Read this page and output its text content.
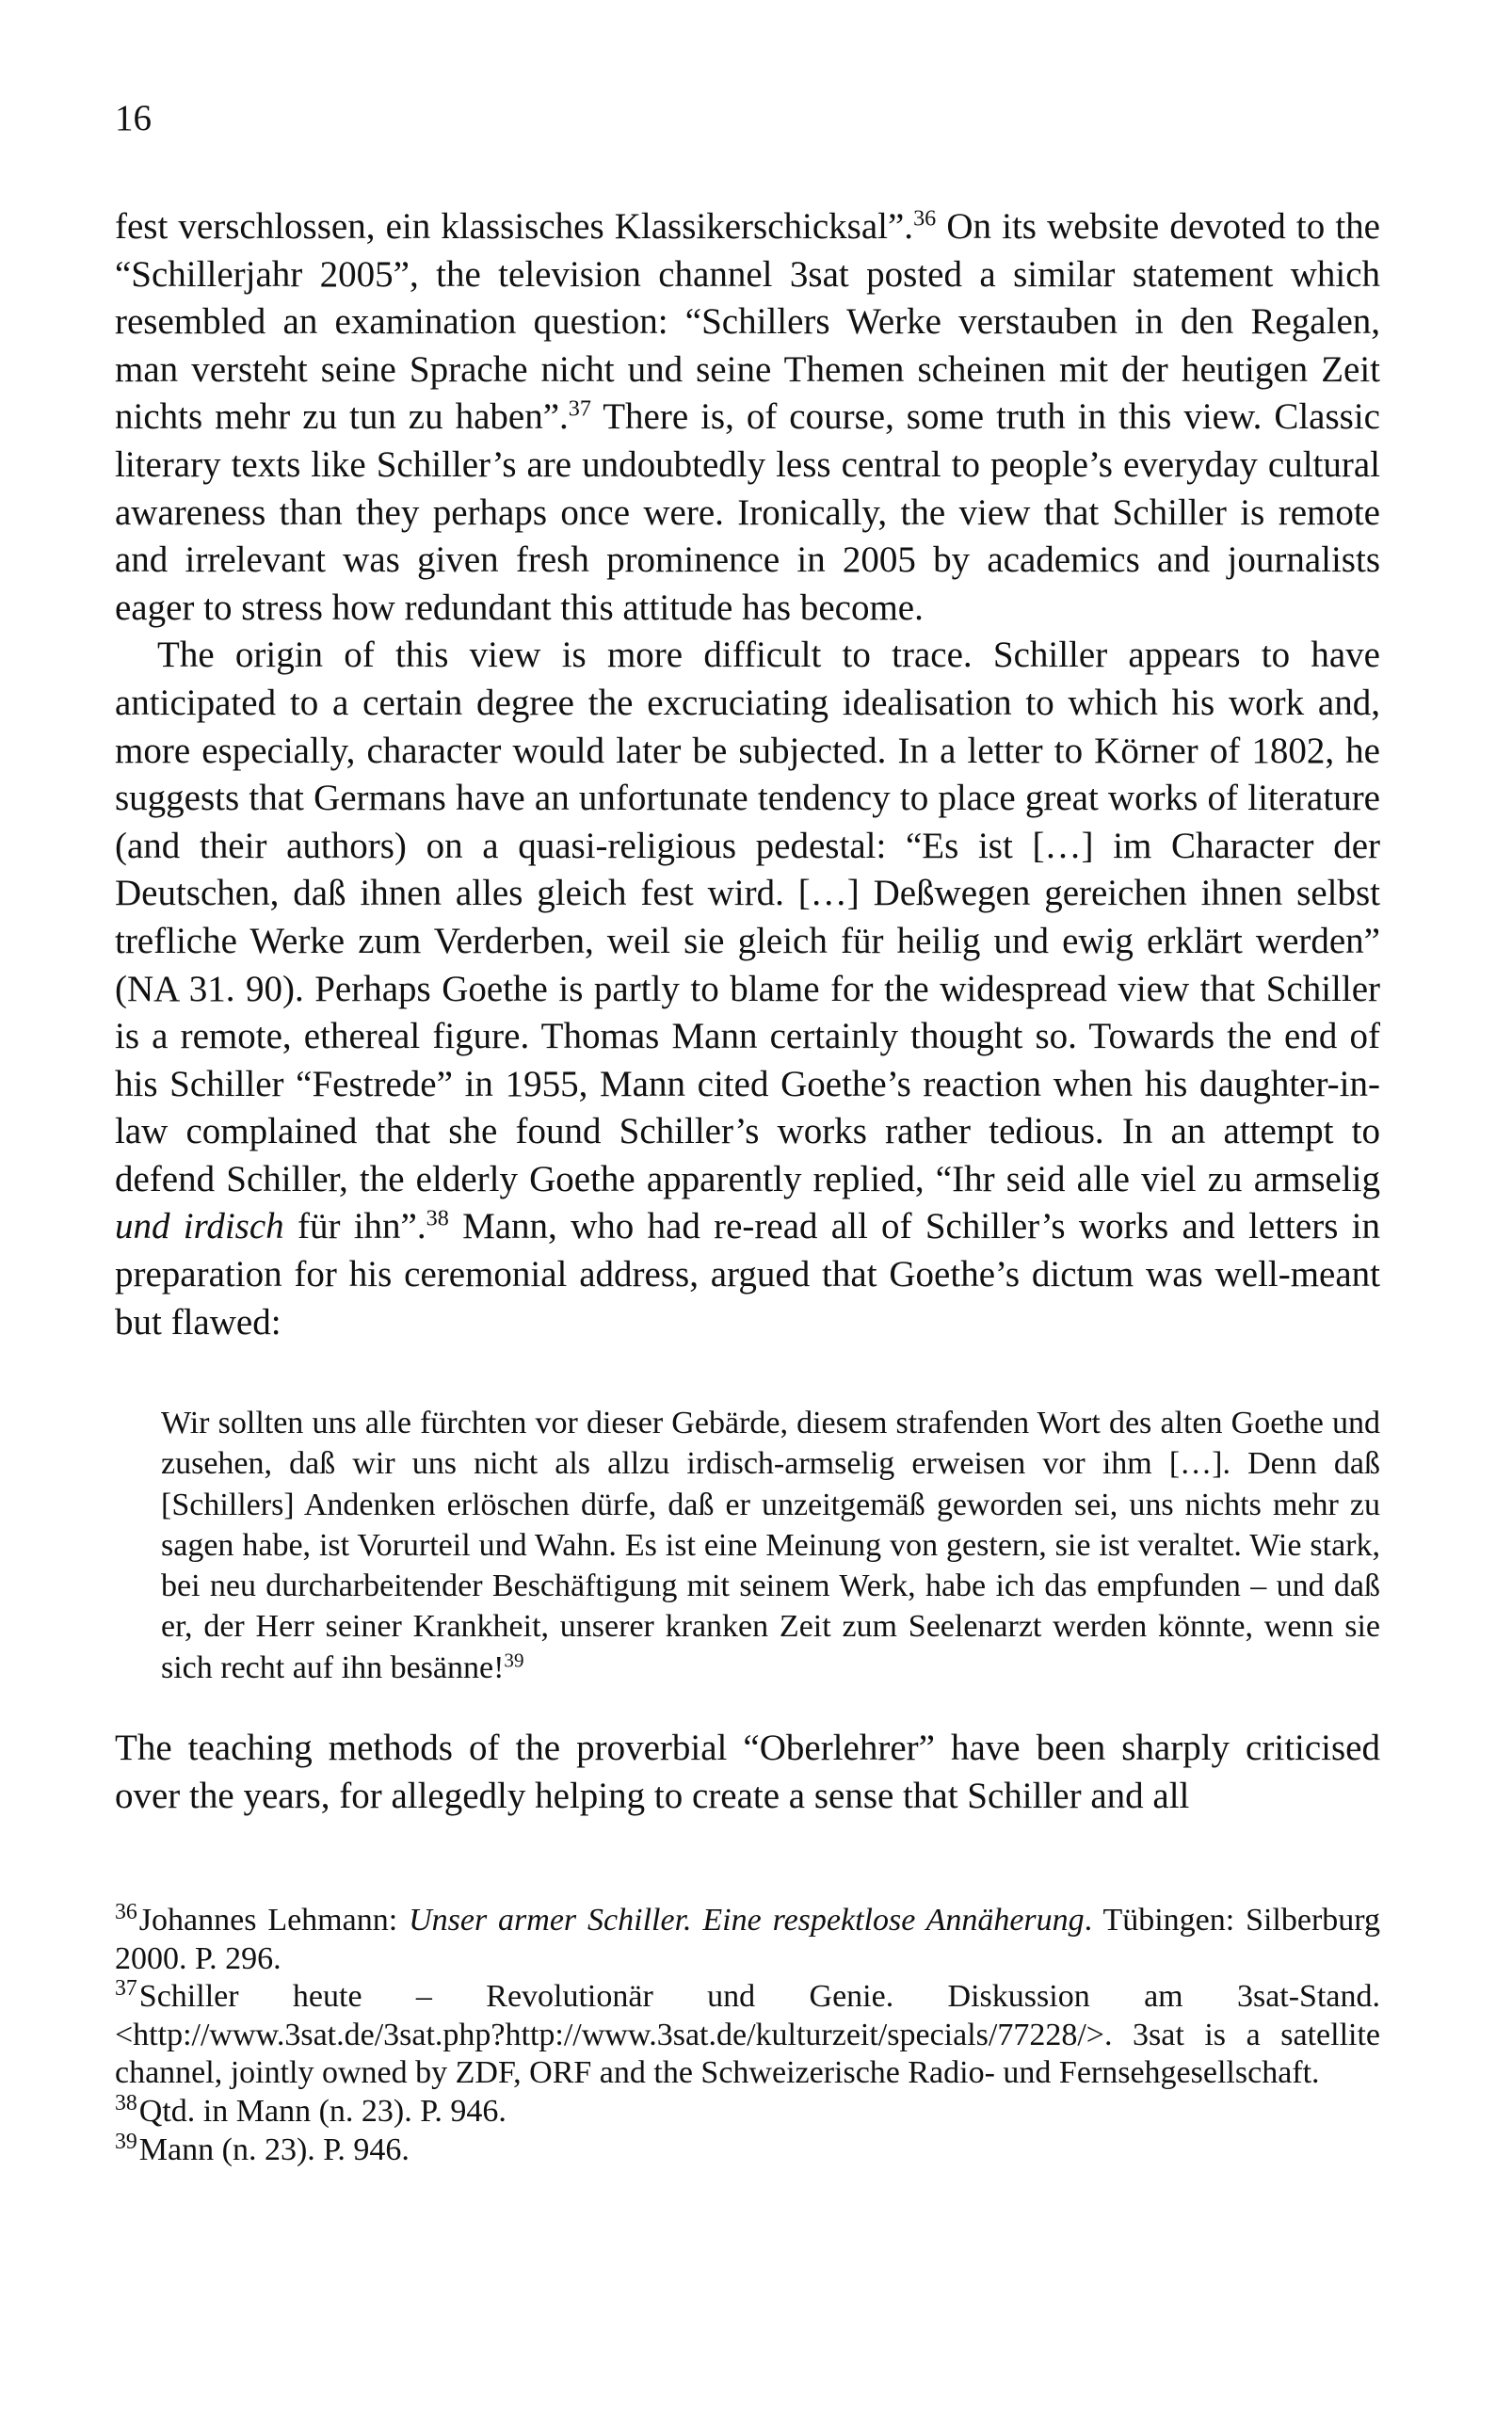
16

fest verschlossen, ein klassisches Klassikerschicksal”.$^{36}$ On its website devoted to the “Schillerjahr 2005”, the television channel 3sat posted a similar statement which resembled an examination question: “Schillers Werke verstauben in den Regalen, man versteht seine Sprache nicht und seine Themen scheinen mit der heutigen Zeit nichts mehr zu tun zu haben”.$^{37}$ There is, of course, some truth in this view. Classic literary texts like Schiller’s are undoubtedly less central to people’s everyday cultural awareness than they perhaps once were. Ironically, the view that Schiller is remote and irrelevant was given fresh prominence in 2005 by academics and journalists eager to stress how redundant this attitude has become.

The origin of this view is more difficult to trace. Schiller appears to have anticipated to a certain degree the excruciating idealisation to which his work and, more especially, character would later be subjected. In a letter to Körner of 1802, he suggests that Germans have an unfortunate tendency to place great works of literature (and their authors) on a quasi-religious pedestal: “Es ist […] im Character der Deutschen, daß ihnen alles gleich fest wird. […] Deßwegen gereichen ihnen selbst trefliche Werke zum Verderben, weil sie gleich für heilig und ewig erklärt werden” (NA 31. 90). Perhaps Goethe is partly to blame for the widespread view that Schiller is a remote, ethereal figure. Thomas Mann certainly thought so. Towards the end of his Schiller “Festrede” in 1955, Mann cited Goethe’s reaction when his daughter-in-law complained that she found Schiller’s works rather tedious. In an attempt to defend Schiller, the elderly Goethe apparently replied, “Ihr seid alle viel zu armselig und irdisch für ihn”.$^{38}$ Mann, who had re-read all of Schiller’s works and letters in preparation for his ceremonial address, argued that Goethe’s dictum was well-meant but flawed:

Wir sollten uns alle fürchten vor dieser Gebärde, diesem strafenden Wort des alten Goethe und zusehen, daß wir uns nicht als allzu irdisch-armselig erweisen vor ihm […]. Denn daß [Schillers] Andenken erlöschen dürfe, daß er unzeitgemäß geworden sei, uns nichts mehr zu sagen habe, ist Vorurteil und Wahn. Es ist eine Meinung von gestern, sie ist veraltet. Wie stark, bei neu durcharbeitender Beschäftigung mit seinem Werk, habe ich das empfunden – und daß er, der Herr seiner Krankheit, unserer kranken Zeit zum Seelenarzt werden könnte, wenn sie sich recht auf ihn besänne!$^{39}$
The teaching methods of the proverbial “Oberlehrer” have been sharply criticised over the years, for allegedly helping to create a sense that Schiller and all

$^{36}$Johannes Lehmann: Unser armer Schiller. Eine respektlose Annäherung. Tübingen: Silberburg 2000. P. 296.

$^{37}$Schiller heute – Revolutionär und Genie. Diskussion am 3sat-Stand. <http://www.3sat.de/3sat.php?http://www.3sat.de/kulturzeit/specials/77228/>. 3sat is a satellite channel, jointly owned by ZDF, ORF and the Schweizerische Radio- und Fernsehgesellschaft.

$^{38}$Qtd. in Mann (n. 23). P. 946.

$^{39}$Mann (n. 23). P. 946.
